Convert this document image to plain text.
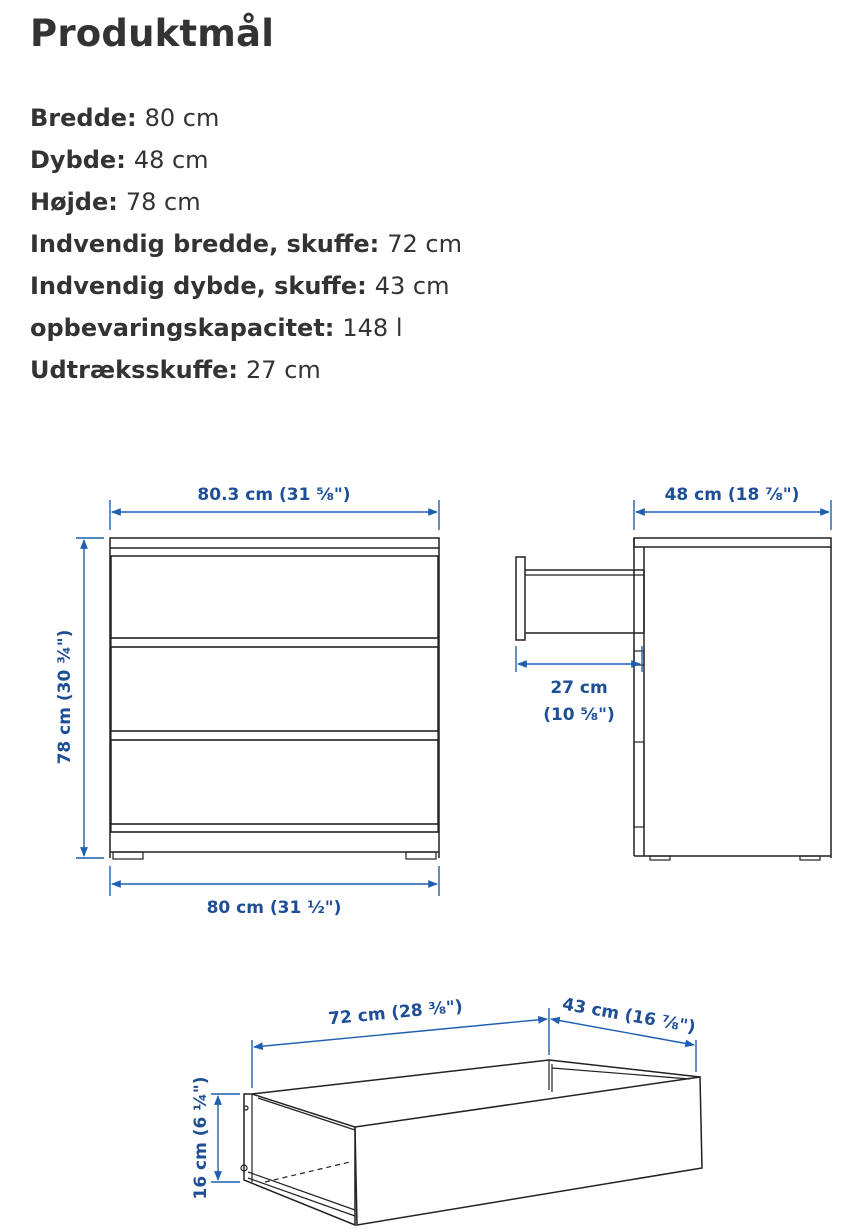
Produktmål
Bredde: 80 cm
Dybde: 48 cm
Højde: 78 cm
Indvendig bredde, skuffe: 72 cm
Indvendig dybde, skuffe: 43 cm
opbevaringskapacitet: 148 l
Udtræksskuffe: 27 cm
80.3 cm (31 ⅝")
80 cm (31 ½")
78 cm (30 ¾")
48 cm (18 ⅞")
27 cm
(10 ⅝")
72 cm (28 ⅜")	43 cm (16 ⅞")
16 cm (6 ¼")
